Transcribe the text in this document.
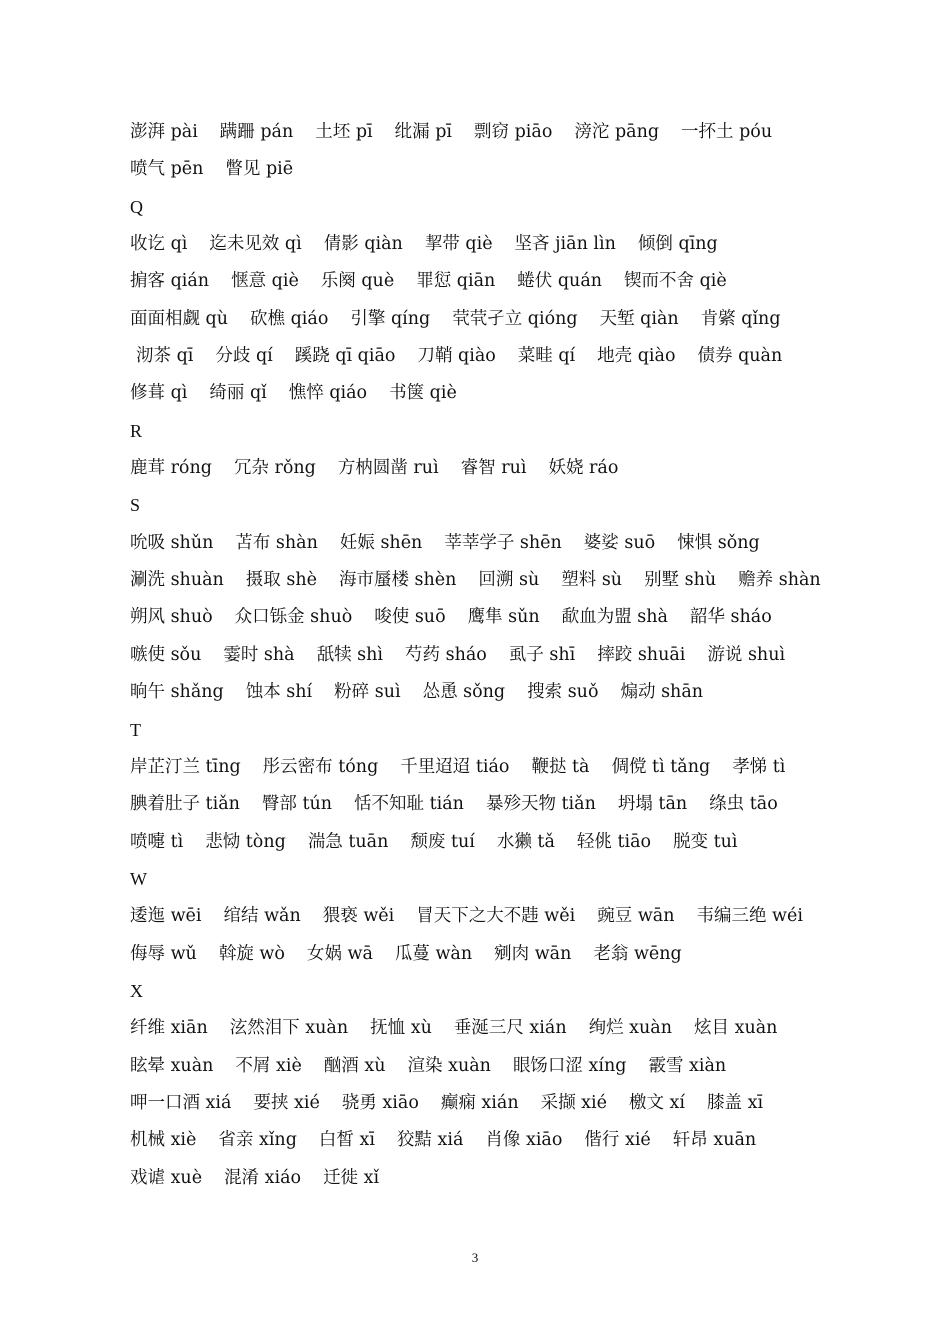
澎湃 pài 蹒跚 pán 土坯 pī 纰漏 pī 剽窃 piāo 滂沱 pāng 一抔土 póu
喷气 pēn 瞥见 piē
Q
收讫 qì 迄未见效 qì 倩影 qiàn 挈带 qiè 坚吝 jiān lìn 倾倒 qīng
掮客 qián 惬意 qiè 乐阕 què 罪愆 qiān 蜷伏 quán 锲而不舍 qiè
面面相觑 qù 砍樵 qiáo 引擎 qíng 茕茕孑立 qióng 天堑 qiàn 肯綮 qǐng
沏茶 qī 分歧 qí 蹊跷 qī qiāo 刀鞘 qiào 菜畦 qí 地壳 qiào 债券 quàn
修葺 qì 绮丽 qǐ 憔悴 qiáo 书箧 qiè
R
鹿茸 róng 冗杂 rǒng 方枘圆凿 ruì 睿智 ruì 妖娆 ráo
S
吮吸 shǔn 苫布 shàn 妊娠 shēn 莘莘学子 shēn 婆娑 suō 悚惧 sǒng
涮洗 shuàn 摄取 shè 海市蜃楼 shèn 回溯 sù 塑料 sù 别墅 shù 赡养 shàn
朔风 shuò 众口铄金 shuò 唆使 suō 鹰隼 sǔn 歃血为盟 shà 韶华 sháo
嗾使 sǒu 霎时 shà 舐犊 shì 芍药 sháo 虱子 shī 摔跤 shuāi 游说 shuì
晌午 shǎng 蚀本 shí 粉碎 suì 怂恿 sǒng 搜索 suǒ 煽动 shān
T
岸芷汀兰 tīng 彤云密布 tóng 千里迢迢 tiáo 鞭挞 tà 倜傥 tì tǎng 孝悌 tì
腆着肚子 tiǎn 臀部 tún 恬不知耻 tián 暴殄天物 tiǎn 坍塌 tān 绦虫 tāo
喷嚏 tì 悲恸 tòng 湍急 tuān 颓废 tuí 水獭 tǎ 轻佻 tiāo 脱变 tuì
W
逶迤 wēi 绾结 wǎn 猥亵 wěi 冒天下之大不韪 wěi 豌豆 wān 韦编三绝 wéi
侮辱 wǔ 斡旋 wò 女娲 wā 瓜蔓 wàn 剜肉 wān 老翁 wēng
X
纤维 xiān 泫然泪下 xuàn 抚恤 xù 垂涎三尺 xián 绚烂 xuàn 炫目 xuàn
眩晕 xuàn 不屑 xiè 酗酒 xù 渲染 xuàn 眼饧口涩 xíng 霰雪 xiàn
呷一口酒 xiá 要挟 xié 骁勇 xiāo 癫痫 xián 采撷 xié 檄文 xí 膝盖 xī
机械 xiè 省亲 xǐng 白皙 xī 狡黠 xiá 肖像 xiāo 偕行 xié 轩昂 xuān
戏谑 xuè 混淆 xiáo 迁徙 xǐ
3
